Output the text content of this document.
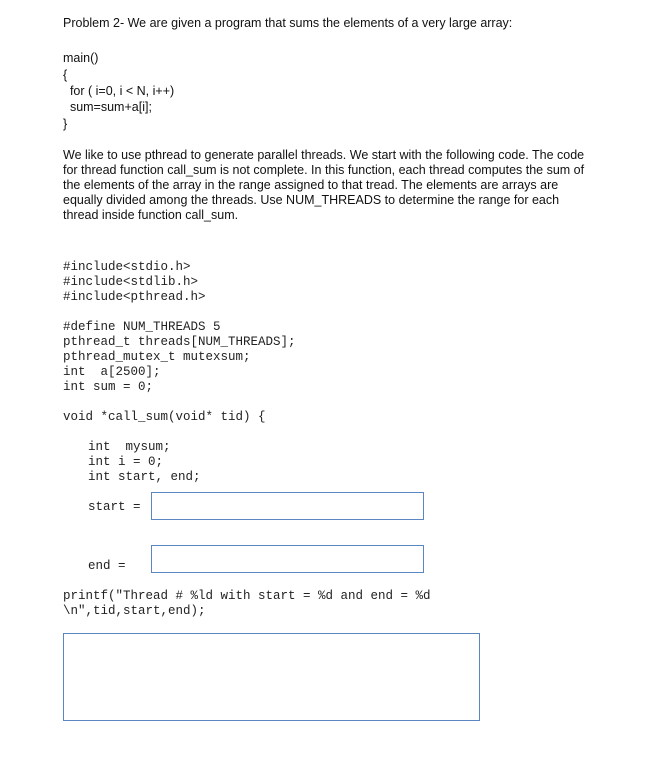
Problem 2- We are given a program that sums the elements of a very large array:
main()
{
for ( i=0, i < N, i++)
sum=sum+a[i];
}
We like to use pthread to generate parallel threads. We start with the following code. The code for thread function call_sum is not complete. In this function, each thread computes the sum of the elements of the array in the range assigned to that tread. The elements are arrays are equally divided among the threads. Use NUM_THREADS to determine the range for each thread inside function call_sum.
#include<stdio.h>
#include<stdlib.h>
#include<pthread.h>
#define NUM_THREADS 5
pthread_t threads[NUM_THREADS];
pthread_mutex_t mutexsum;
int  a[2500];
int sum = 0;
void *call_sum(void* tid) {
int  mysum;
int i = 0;
int start, end;
start =
end =
printf("Thread # %ld with start = %d and end = %d
\n",tid,start,end);
